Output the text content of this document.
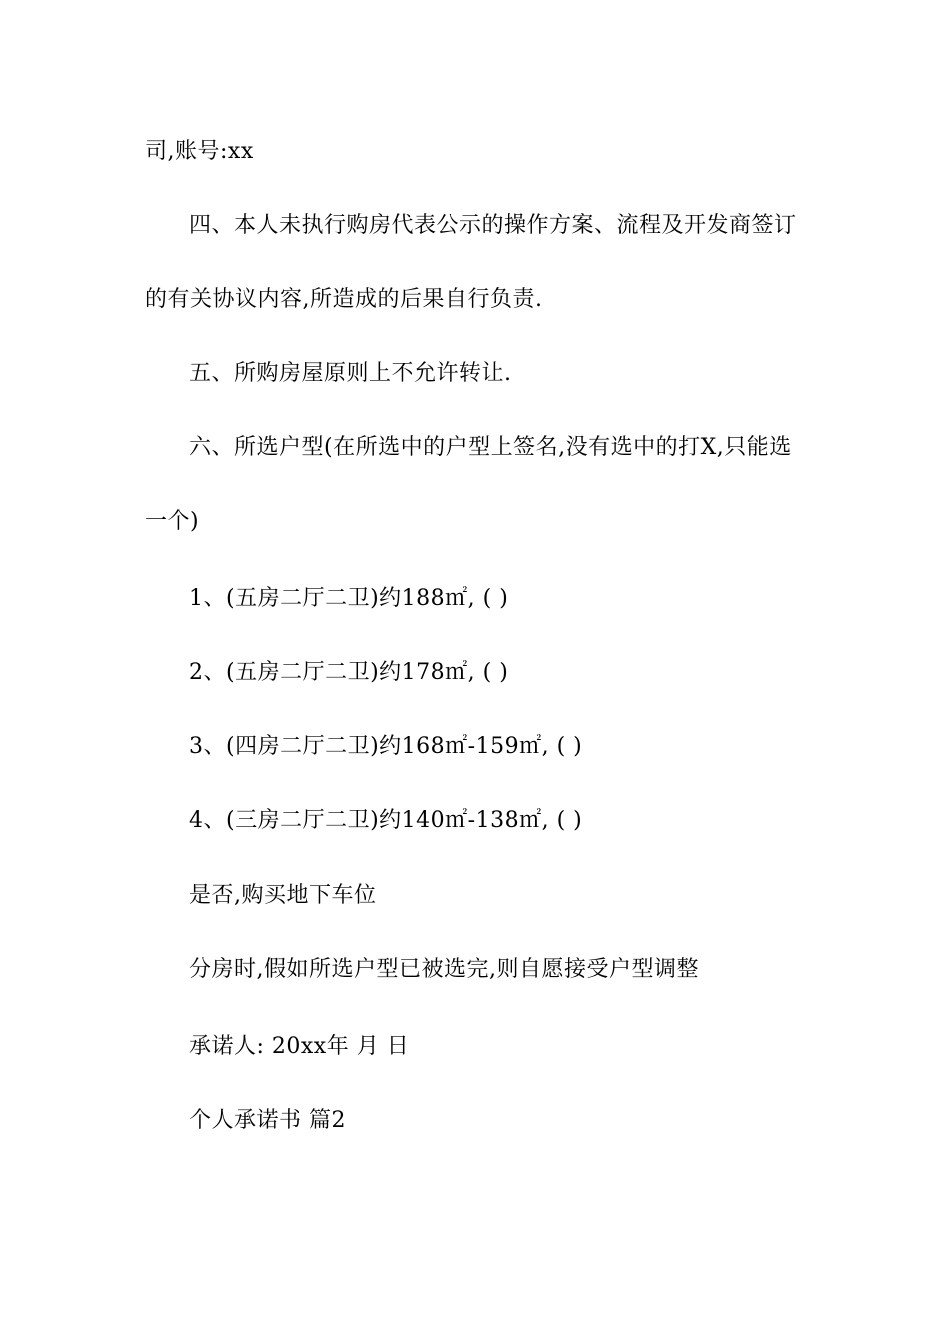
司,账号:xx
四、本人未执行购房代表公示的操作方案、流程及开发商签订
的有关协议内容,所造成的后果自行负责.
五、所购房屋原则上不允许转让.
六、所选户型(在所选中的户型上签名,没有选中的打X,只能选
一个)
1、(五房二厅二卫)约188㎡, ( )
2、(五房二厅二卫)约178㎡, ( )
3、(四房二厅二卫)约168㎡-159㎡, ( )
4、(三房二厅二卫)约140㎡-138㎡, ( )
是否,购买地下车位
分房时,假如所选户型已被选完,则自愿接受户型调整
承诺人: 20xx年 月 日
个人承诺书 篇2
